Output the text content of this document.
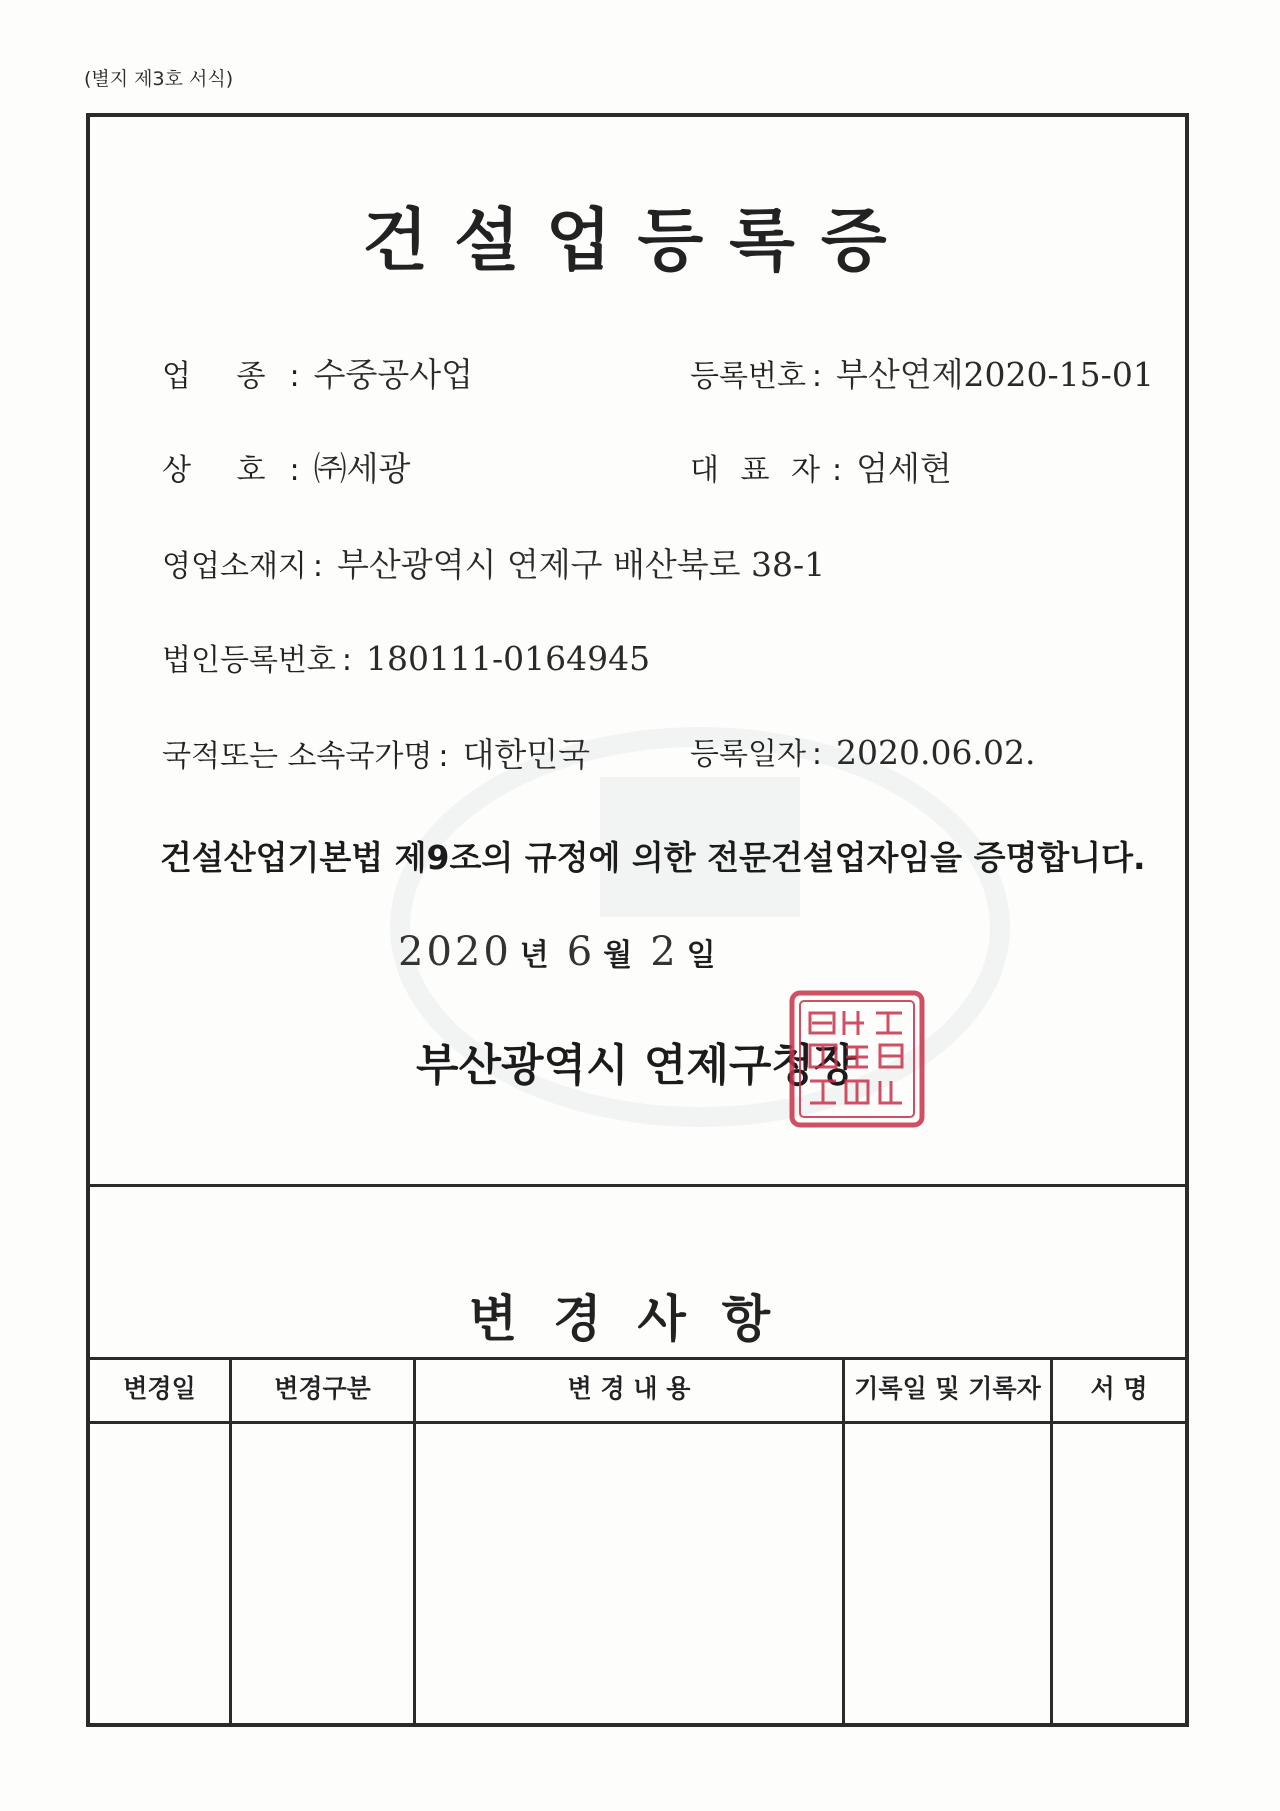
(별지 제3호 서식)
건설업등록증
업 종 : 수중공사업	등록번호 : 부산연제2020-15-01
상 호 : ㈜세광	대 표 자 : 엄세현
영업소재지 : 부산광역시 연제구 배산북로 38-1
법인등록번호 : 180111-0164945
국적또는 소속국가명 : 대한민국	등록일자 : 2020.06.02.
건설산업기본법 제9조의 규정에 의한 전문건설업자임을 증명합니다.
2020 년 6 월 2 일
부산광역시 연제구청장
변경사항
변경일	변경구분	변 경 내 용	기록일 및 기록자	서 명
